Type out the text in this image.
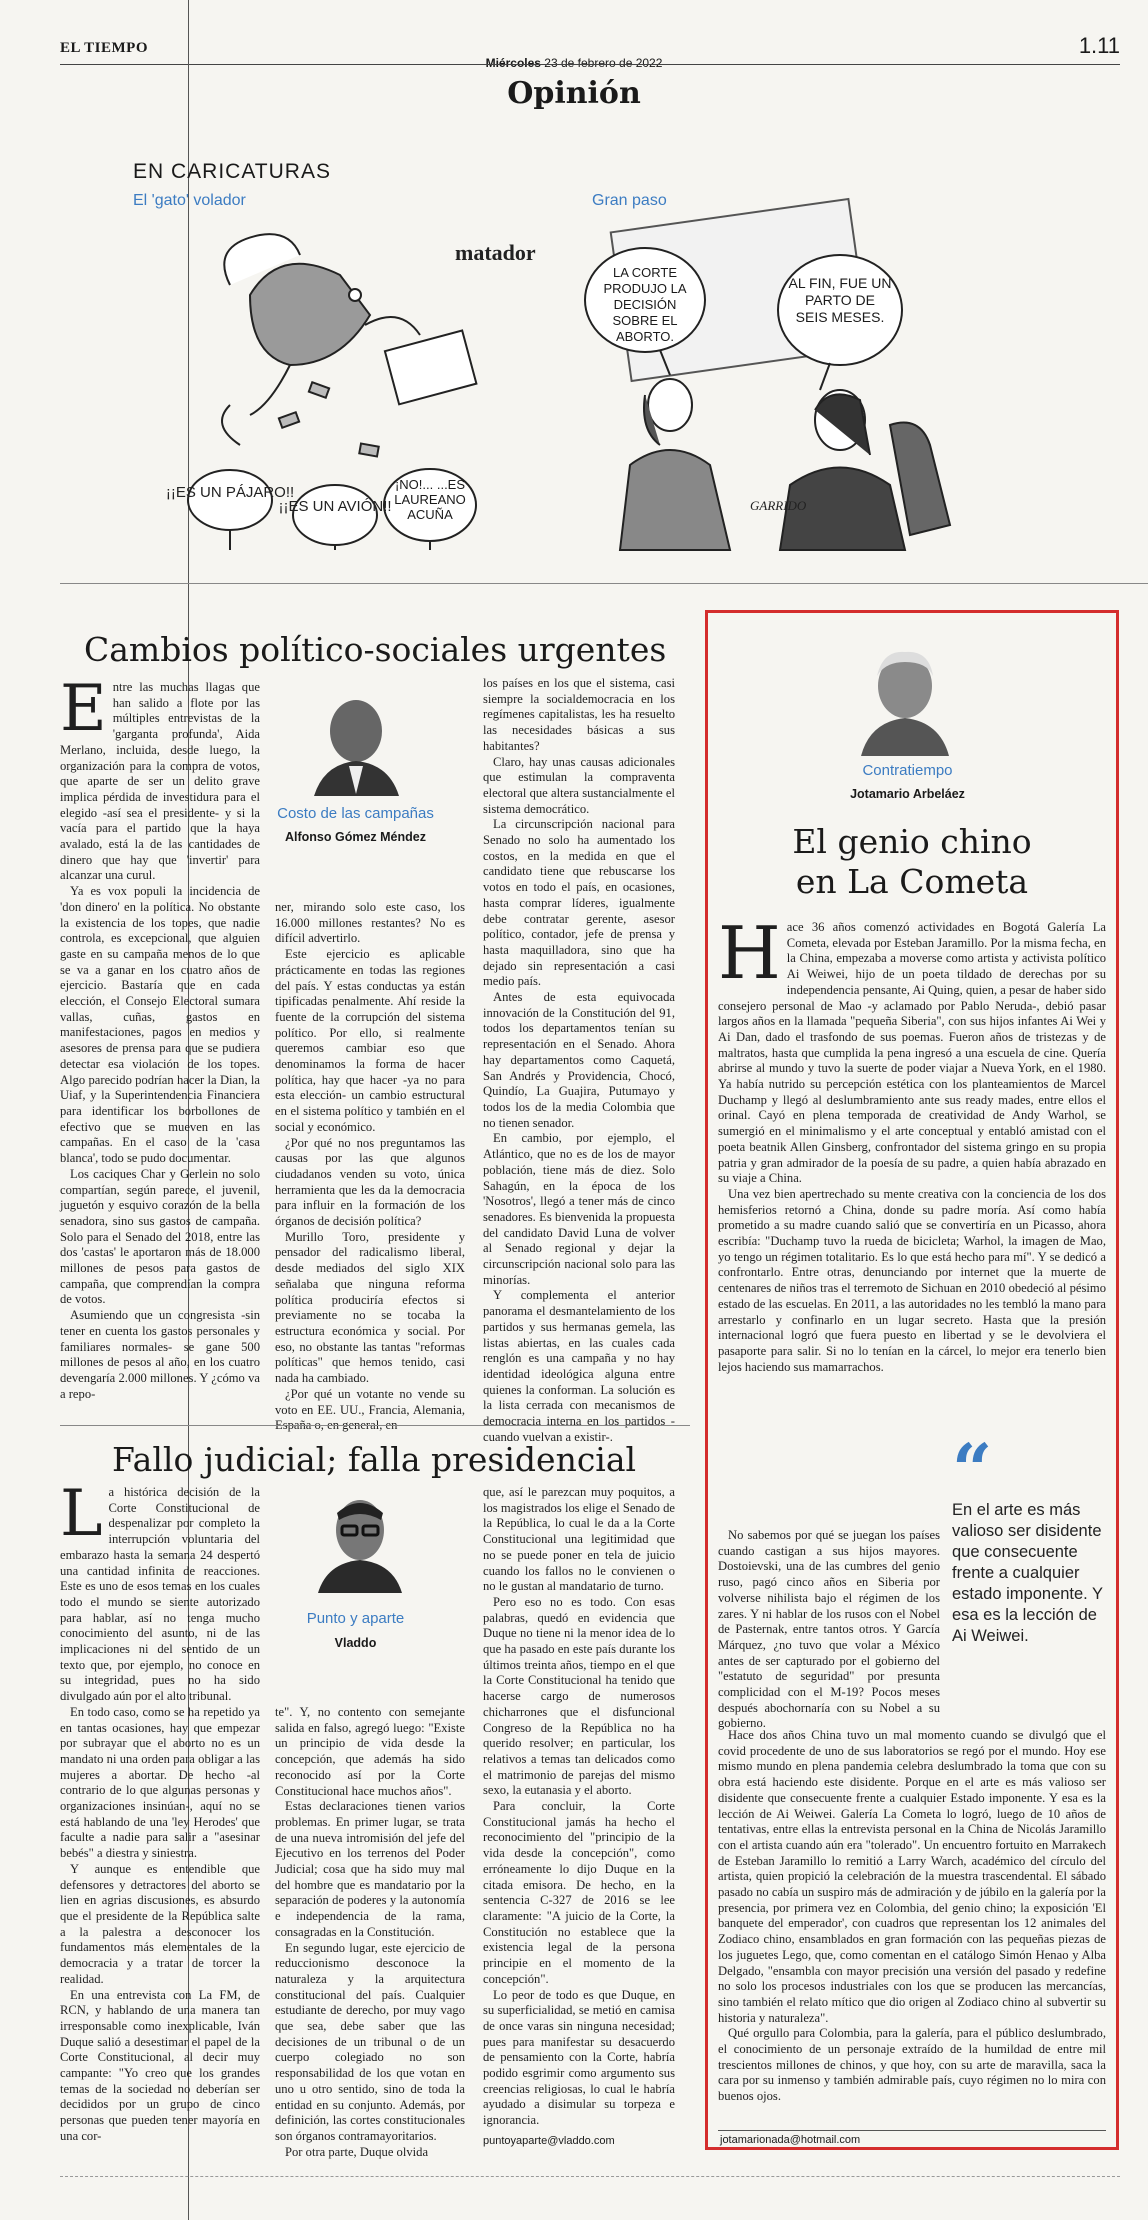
EL TIEMPO
Miércoles 23 de febrero de 2022
1.11
Opinión
EN CARICATURAS
El 'gato' volador	Gran paso
matador
¡¡ES UN PÁJARO!!
¡¡ES UN AVIÓN!!
¡NO!... ...ES LAUREANO ACUÑA
LA CORTE PRODUJO LA DECISIÓN SOBRE EL ABORTO.
AL FIN, FUE UN PARTO DE SEIS MESES.
GARRIDO
Cambios político-sociales urgentes
E ntre las muchas llagas que han salido a flote por las múltiples entrevistas de la 'garganta profunda', Aida Merlano, incluida, desde luego, la organización para la compra de votos, que aparte de ser un delito grave implica pérdida de investidura para el elegido -así sea el presidente- y si la vacía para el partido que la haya avalado, está la de las cantidades de dinero que hay que 'invertir' para alcanzar una curul.

Ya es vox populi la incidencia de 'don dinero' en la política. No obstante la existencia de los topes, que nadie controla, es excepcional, que alguien gaste en su campaña menos de lo que se va a ganar en los cuatro años de ejercicio. Bastaría que en cada elección, el Consejo Electoral sumara vallas, cuñas, gastos en manifestaciones, pagos en medios y asesores de prensa para que se pudiera detectar esa violación de los topes. Algo parecido podrían hacer la Dian, la Uiaf, y la Superintendencia Financiera para identificar los borbollones de efectivo que se mueven en las campañas. En el caso de la 'casa blanca', todo se pudo documentar.

Los caciques Char y Gerlein no solo compartían, según parece, el juvenil, juguetón y esquivo corazón de la bella senadora, sino sus gastos de campaña. Solo para el Senado del 2018, entre las dos 'castas' le aportaron más de 18.000 millones de pesos para gastos de campaña, que comprendían la compra de votos.

Asumiendo que un congresista -sin tener en cuenta los gastos personales y familiares normales- se gane 500 millones de pesos al año, en los cuatro devengaría 2.000 millones. Y ¿cómo va a repo-

Costo de las campañas
Alfonso Gómez Méndez

ner, mirando solo este caso, los 16.000 millones restantes? No es difícil advertirlo.

Este ejercicio es aplicable prácticamente en todas las regiones del país. Y estas conductas ya están tipificadas penalmente. Ahí reside la fuente de la corrupción del sistema político. Por ello, si realmente queremos cambiar eso que denominamos la forma de hacer política, hay que hacer -ya no para esta elección- un cambio estructural en el sistema político y también en el social y económico.

¿Por qué no nos preguntamos las causas por las que algunos ciudadanos venden su voto, única herramienta que les da la democracia para influir en la formación de los órganos de decisión política?

Murillo Toro, presidente y pensador del radicalismo liberal, desde mediados del siglo XIX señalaba que ninguna reforma política produciría efectos si previamente no se tocaba la estructura económica y social. Por eso, no obstante las tantas "reformas políticas" que hemos tenido, casi nada ha cambiado.

¿Por qué un votante no vende su voto en EE. UU., Francia, Alemania, España o, en general, en

los países en los que el sistema, casi siempre la socialdemocracia en los regímenes capitalistas, les ha resuelto las necesidades básicas a sus habitantes?

Claro, hay unas causas adicionales que estimulan la compraventa electoral que altera sustancialmente el sistema democrático.

La circunscripción nacional para Senado no solo ha aumentado los costos, en la medida en que el candidato tiene que rebuscarse los votos en todo el país, en ocasiones, hasta comprar líderes, igualmente debe contratar gerente, asesor político, contador, jefe de prensa y hasta maquilladora, sino que ha dejado sin representación a casi medio país.

Antes de esta equivocada innovación de la Constitución del 91, todos los departamentos tenían su representación en el Senado. Ahora hay departamentos como Caquetá, San Andrés y Providencia, Chocó, Quindío, La Guajira, Putumayo y todos los de la media Colombia que no tienen senador.

En cambio, por ejemplo, el Atlántico, que no es de los de mayor población, tiene más de diez. Solo Sahagún, en la época de los 'Nosotros', llegó a tener más de cinco senadores. Es bienvenida la propuesta del candidato David Luna de volver al Senado regional y dejar la circunscripción nacional solo para las minorías.

Y complementa el anterior panorama el desmantelamiento de los partidos y sus hermanas gemela, las listas abiertas, en las cuales cada renglón es una campaña y no hay identidad ideológica alguna entre quienes la conforman. La solución es la lista cerrada con mecanismos de democracia interna en los partidos -cuando vuelvan a existir-.

Fallo judicial; falla presidencial
L a histórica decisión de la Corte Constitucional de despenalizar por completo la interrupción voluntaria del embarazo hasta la semana 24 despertó una cantidad infinita de reacciones. Este es uno de esos temas en los cuales todo el mundo se siente autorizado para hablar, así no tenga mucho conocimiento del asunto, ni de las implicaciones ni del sentido de un texto que, por ejemplo, no conoce en su integridad, pues no ha sido divulgado aún por el alto tribunal.

En todo caso, como se ha repetido ya en tantas ocasiones, hay que empezar por subrayar que el aborto no es un mandato ni una orden para obligar a las mujeres a abortar. De hecho -al contrario de lo que algunas personas y organizaciones insinúan-, aquí no se está hablando de una 'ley Herodes' que faculte a nadie para salir a "asesinar bebés" a diestra y siniestra.

Y aunque es entendible que defensores y detractores del aborto se lien en agrias discusiones, es absurdo que el presidente de la República salte a la palestra a desconocer los fundamentos más elementales de la democracia y a tratar de torcer la realidad.

En una entrevista con La FM, de RCN, y hablando de una manera tan irresponsable como inexplicable, Iván Duque salió a desestimar el papel de la Corte Constitucional, al decir muy campante: "Yo creo que los grandes temas de la sociedad no deberían ser decididos por un grupo de cinco personas que pueden tener mayoría en una cor-

Punto y aparte
Vladdo

te". Y, no contento con semejante salida en falso, agregó luego: "Existe un principio de vida desde la concepción, que además ha sido reconocido así por la Corte Constitucional hace muchos años".

Estas declaraciones tienen varios problemas. En primer lugar, se trata de una nueva intromisión del jefe del Ejecutivo en los terrenos del Poder Judicial; cosa que ha sido muy mal del hombre que es mandatario por la separación de poderes y la autonomía e independencia de la rama, consagradas en la Constitución.

En segundo lugar, este ejercicio de reduccionismo desconoce la naturaleza y la arquitectura constitucional del país. Cualquier estudiante de derecho, por muy vago que sea, debe saber que las decisiones de un tribunal o de un cuerpo colegiado no son responsabilidad de los que votan en uno u otro sentido, sino de toda la entidad en su conjunto. Además, por definición, las cortes constitucionales son órganos contramayoritarios.

Por otra parte, Duque olvida

que, así le parezcan muy poquitos, a los magistrados los elige el Senado de la República, lo cual le da a la Corte Constitucional una legitimidad que no se puede poner en tela de juicio cuando los fallos no le convienen o no le gustan al mandatario de turno.

Pero eso no es todo. Con esas palabras, quedó en evidencia que Duque no tiene ni la menor idea de lo que ha pasado en este país durante los últimos treinta años, tiempo en el que la Corte Constitucional ha tenido que hacerse cargo de numerosos chicharrones que el disfuncional Congreso de la República no ha querido resolver; en particular, los relativos a temas tan delicados como el matrimonio de parejas del mismo sexo, la eutanasia y el aborto.

Para concluir, la Corte Constitucional jamás ha hecho el reconocimiento del "principio de la vida desde la concepción", como erróneamente lo dijo Duque en la citada emisora. De hecho, en la sentencia C-327 de 2016 se lee claramente: "A juicio de la Corte, la Constitución no establece que la existencia legal de la persona principie en el momento de la concepción".

Lo peor de todo es que Duque, en su superficialidad, se metió en camisa de once varas sin ninguna necesidad; pues para manifestar su desacuerdo de pensamiento con la Corte, habría podido esgrimir como argumento sus creencias religiosas, lo cual le habría ayudado a disimular su torpeza e ignorancia.

puntoyaparte@vladdo.com
Contratiempo
Jotamario Arbeláez
El genio chino
en La Cometa
H ace 36 años comenzó actividades en Bogotá Galería La Cometa, elevada por Esteban Jaramillo. Por la misma fecha, en la China, empezaba a moverse como artista y activista político Ai Weiwei, hijo de un poeta tildado de derechas por su independencia pensante, Ai Quing, quien, a pesar de haber sido consejero personal de Mao -y aclamado por Pablo Neruda-, debió pasar largos años en la llamada "pequeña Siberia", con sus hijos infantes Ai Wei y Ai Dan, dado el trasfondo de sus poemas. Fueron años de tristezas y de maltratos, hasta que cumplida la pena ingresó a una escuela de cine. Quería abrirse al mundo y tuvo la suerte de poder viajar a Nueva York, en el 1980. Ya había nutrido su percepción estética con los planteamientos de Marcel Duchamp y llegó al deslumbramiento ante sus ready mades, entre ellos el orinal. Cayó en plena temporada de creatividad de Andy Warhol, se sumergió en el minimalismo y el arte conceptual y entabló amistad con el poeta beatnik Allen Ginsberg, confrontador del sistema gringo en su propia patria y gran admirador de la poesía de su padre, a quien había abrazado en su viaje a China.

Una vez bien apertrechado su mente creativa con la conciencia de los dos hemisferios retornó a China, donde su padre moría. Así como había prometido a su madre cuando salió que se convertiría en un Picasso, ahora escribía: "Duchamp tuvo la rueda de bicicleta; Warhol, la imagen de Mao, yo tengo un régimen totalitario. Es lo que está hecho para mí". Y se dedicó a confrontarlo. Entre otras, denunciando por internet que la muerte de centenares de niños tras el terremoto de Sichuan en 2010 obedeció al pésimo estado de las escuelas. En 2011, a las autoridades no les tembló la mano para arrestarlo y confinarlo en un lugar secreto. Hasta que la presión internacional logró que fuera puesto en libertad y se le devolviera el pasaporte para salir. Si no lo tenían en la cárcel, lo mejor era tenerlo bien lejos haciendo sus mamarrachos.

No sabemos por qué se juegan los países cuando castigan a sus hijos mayores. Dostoievski, una de las cumbres del genio ruso, pagó cinco años en Siberia por volverse nihilista bajo el régimen de los zares. Y ni hablar de los rusos con el Nobel de Pasternak, entre tantos otros. Y García Márquez, ¿no tuvo que volar a México antes de ser capturado por el gobierno del "estatuto de seguridad" por presunta complicidad con el M-19? Pocos meses después abochornaría con su Nobel a su gobierno.

“
En el arte es más valioso ser disidente que consecuente frente a cualquier estado imponente. Y esa es la lección de Ai Weiwei.

Hace dos años China tuvo un mal momento cuando se divulgó que el covid procedente de uno de sus laboratorios se regó por el mundo. Hoy ese mismo mundo en plena pandemia celebra deslumbrado la toma que con su obra está haciendo este disidente. Porque en el arte es más valioso ser disidente que consecuente frente a cualquier Estado imponente. Y esa es la lección de Ai Weiwei. Galería La Cometa lo logró, luego de 10 años de tentativas, entre ellas la entrevista personal en la China de Nicolás Jaramillo con el artista cuando aún era "tolerado". Un encuentro fortuito en Marrakech de Esteban Jaramillo lo remitió a Larry Warch, académico del círculo del artista, quien propició la celebración de la muestra trascendental. El sábado pasado no cabía un suspiro más de admiración y de júbilo en la galería por la presencia, por primera vez en Colombia, del genio chino; la exposición 'El banquete del emperador', con cuadros que representan los 12 animales del Zodiaco chino, ensamblados en gran formación con las pequeñas piezas de los juguetes Lego, que, como comentan en el catálogo Simón Henao y Alba Delgado, "ensambla con mayor precisión una versión del pasado y redefine no solo los procesos industriales con los que se producen las mercancías, sino también el relato mítico que dio origen al Zodiaco chino al subvertir su historia y naturaleza".

Qué orgullo para Colombia, para la galería, para el público deslumbrado, el conocimiento de un personaje extraído de la humildad de entre mil trescientos millones de chinos, y que hoy, con su arte de maravilla, saca la cara por su inmenso y también admirable país, cuyo régimen no lo mira con buenos ojos.

jotamarionada@hotmail.com
